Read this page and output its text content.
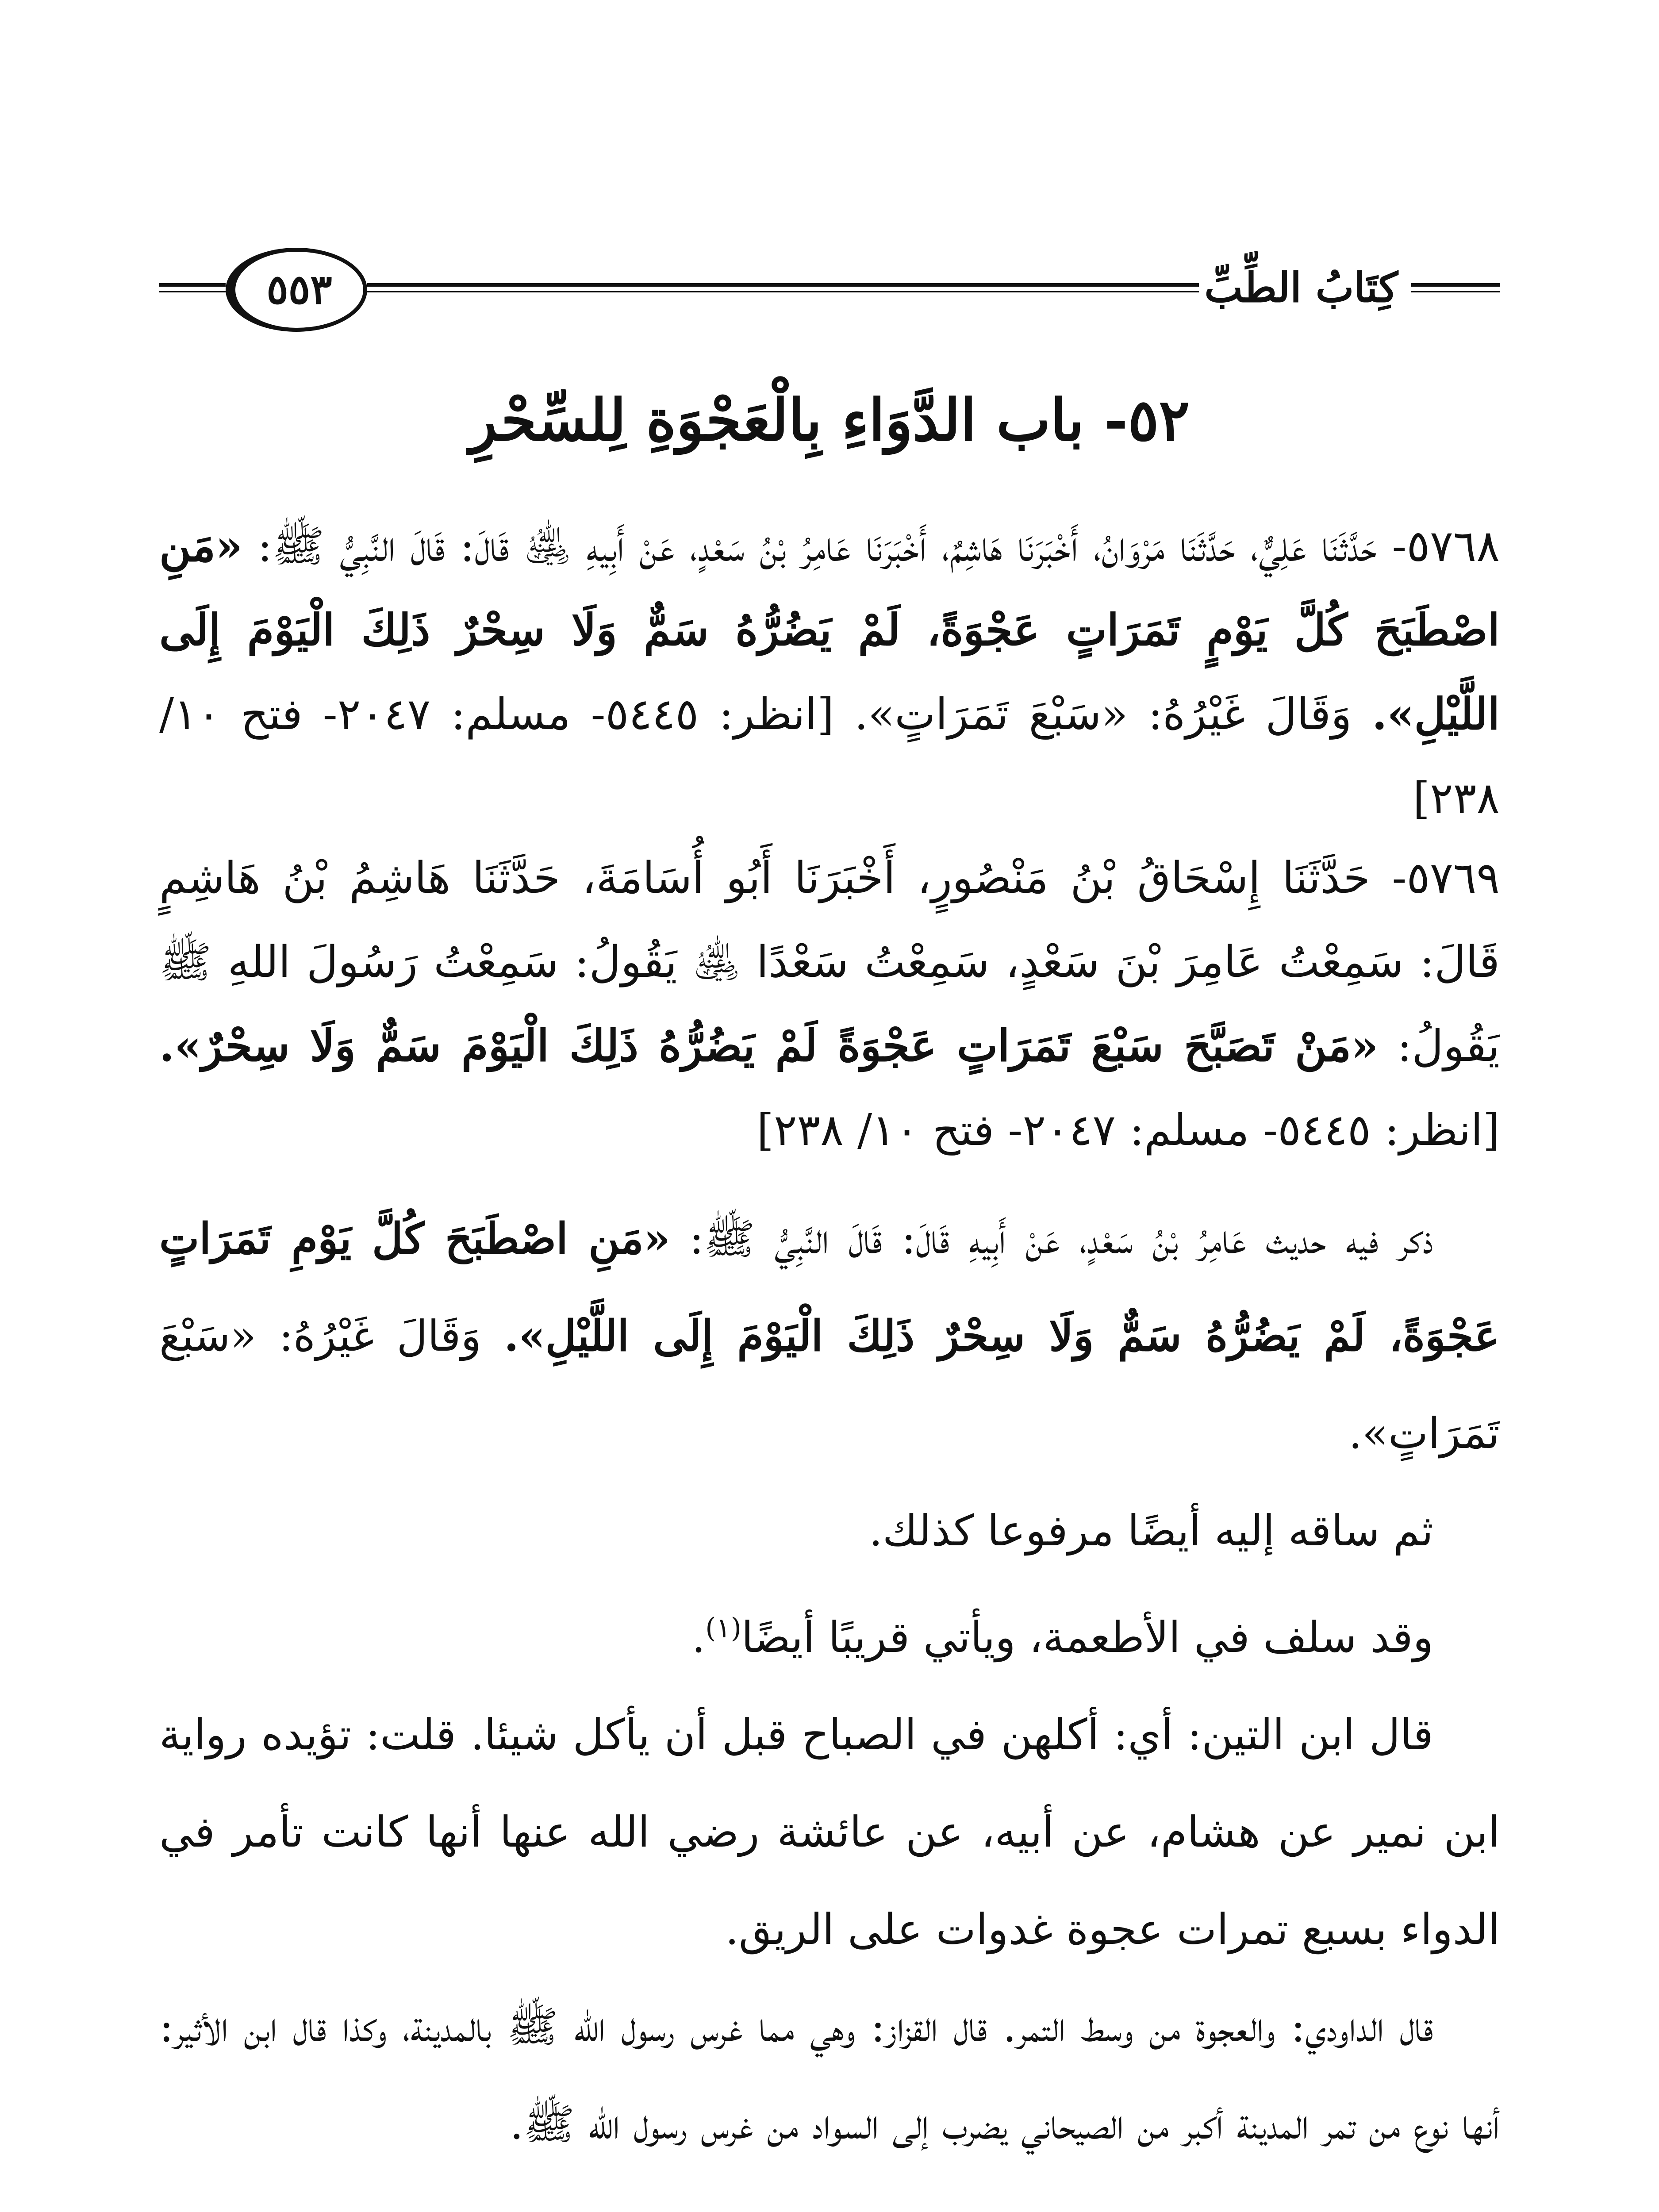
كِتَابُ الطِّبِّ
٥٥٣
٥٢- باب الدَّوَاءِ بِالْعَجْوَةِ لِلسِّحْرِ
٥٧٦٨- حَدَّثَنَا عَلِيٌّ، حَدَّثَنَا مَرْوَانُ، أَخْبَرَنَا هَاشِمٌ، أَخْبَرَنَا عَامِرُ بْنُ سَعْدٍ، عَنْ أَبِيهِ ﵁ قَالَ: قَالَ النَّبِيُّ ﷺ: «مَنِ اصْطَبَحَ كُلَّ يَوْمٍ تَمَرَاتٍ عَجْوَةً، لَمْ يَضُرُّهُ سَمٌّ وَلَا سِحْرٌ ذَلِكَ الْيَوْمَ إِلَى اللَّيْلِ». وَقَالَ غَيْرُهُ: «سَبْعَ تَمَرَاتٍ». [انظر: ٥٤٤٥- مسلم: ٢٠٤٧- فتح ١٠/ ٢٣٨]
٥٧٦٩- حَدَّثَنَا إِسْحَاقُ بْنُ مَنْصُورٍ، أَخْبَرَنَا أَبُو أُسَامَةَ، حَدَّثَنَا هَاشِمُ بْنُ هَاشِمٍ قَالَ: سَمِعْتُ عَامِرَ بْنَ سَعْدٍ، سَمِعْتُ سَعْدًا ﵁ يَقُولُ: سَمِعْتُ رَسُولَ اللهِ ﷺ يَقُولُ: «مَنْ تَصَبَّحَ سَبْعَ تَمَرَاتٍ عَجْوَةً لَمْ يَضُرُّهُ ذَلِكَ الْيَوْمَ سَمٌّ وَلَا سِحْرٌ». [انظر: ٥٤٤٥- مسلم: ٢٠٤٧- فتح ١٠/ ٢٣٨]

ذكر فيه حديث عَامِرُ بْنُ سَعْدٍ، عَنْ أَبِيهِ قَالَ: قَالَ النَّبِيُّ ﷺ: «مَنِ اصْطَبَحَ كُلَّ يَوْمِ تَمَرَاتٍ عَجْوَةً، لَمْ يَضُرُّهُ سَمٌّ وَلَا سِحْرٌ ذَلِكَ الْيَوْمَ إِلَى اللَّيْلِ». وَقَالَ غَيْرُهُ: «سَبْعَ تَمَرَاتٍ».

ثم ساقه إليه أيضًا مرفوعا كذلك.

وقد سلف في الأطعمة، ويأتي قريبًا أيضًا$^{(١)}$.

قال ابن التين: أي: أكلهن في الصباح قبل أن يأكل شيئا. قلت: تؤيده رواية ابن نمير عن هشام، عن أبيه، عن عائشة رضي الله عنها أنها كانت تأمر في الدواء بسبع تمرات عجوة غدوات على الريق.

قال الداودي: والعجوة من وسط التمر. قال القزاز: وهي مما غرس رسول الله ﷺ بالمدينة، وكذا قال ابن الأثير: أنها نوع من تمر المدينة أكبر من الصيحاني يضرب إلى السواد من غرس رسول الله ﷺ.
